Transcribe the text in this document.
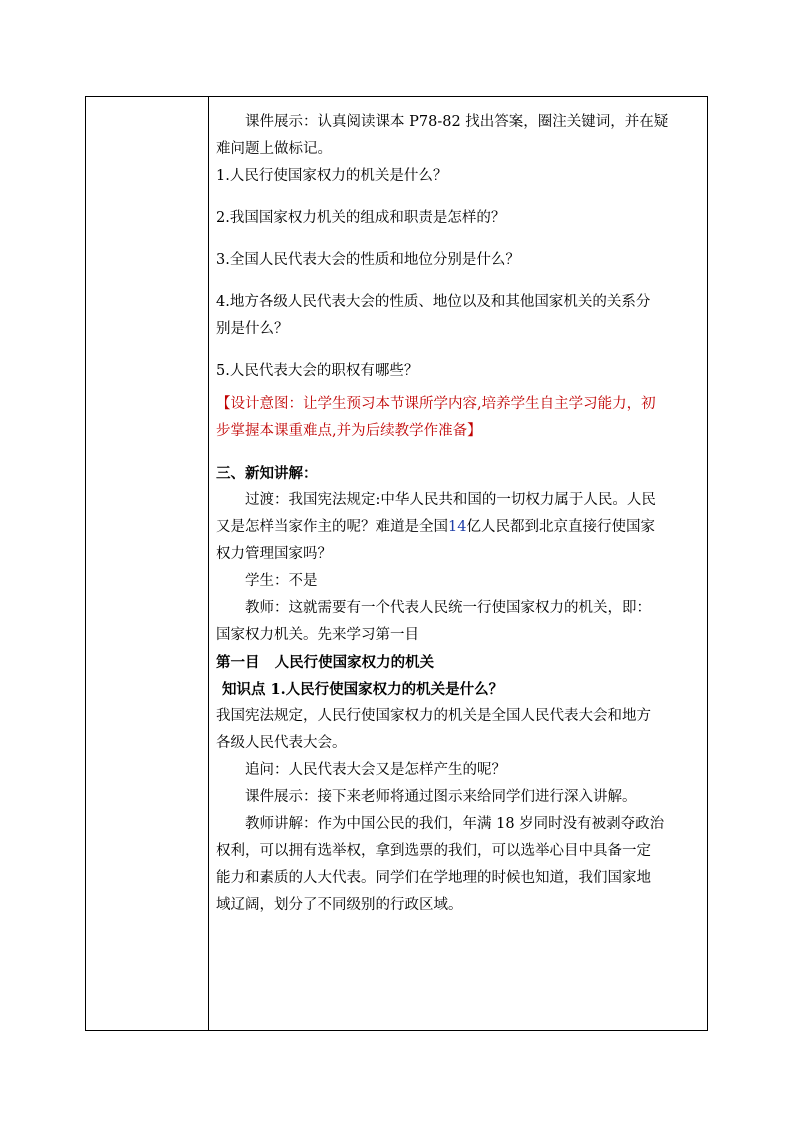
课件展示：认真阅读课本 P78-82 找出答案，圈注关键词，并在疑

难问题上做标记。

1.人民行使国家权力的机关是什么？

2.我国国家权力机关的组成和职责是怎样的？

3.全国人民代表大会的性质和地位分别是什么？

4.地方各级人民代表大会的性质、地位以及和其他国家机关的关系分

别是什么？

5.人民代表大会的职权有哪些？

【设计意图：让学生预习本节课所学内容,培养学生自主学习能力，初

步掌握本课重难点,并为后续教学作准备】

三、新知讲解：

过渡：我国宪法规定:中华人民共和国的一切权力属于人民。人民

又是怎样当家作主的呢？难道是全国14亿人民都到北京直接行使国家

权力管理国家吗？

学生：不是

教师：这就需要有一个代表人民统一行使国家权力的机关，即：

国家权力机关。先来学习第一目

第一目   人民行使国家权力的机关

知识点 1.人民行使国家权力的机关是什么？

我国宪法规定，人民行使国家权力的机关是全国人民代表大会和地方

各级人民代表大会。

追问：人民代表大会又是怎样产生的呢？

课件展示：接下来老师将通过图示来给同学们进行深入讲解。

教师讲解：作为中国公民的我们，年满 18 岁同时没有被剥夺政治

权利，可以拥有选举权，拿到选票的我们，可以选举心目中具备一定

能力和素质的人大代表。同学们在学地理的时候也知道，我们国家地

域辽阔，划分了不同级别的行政区域。
